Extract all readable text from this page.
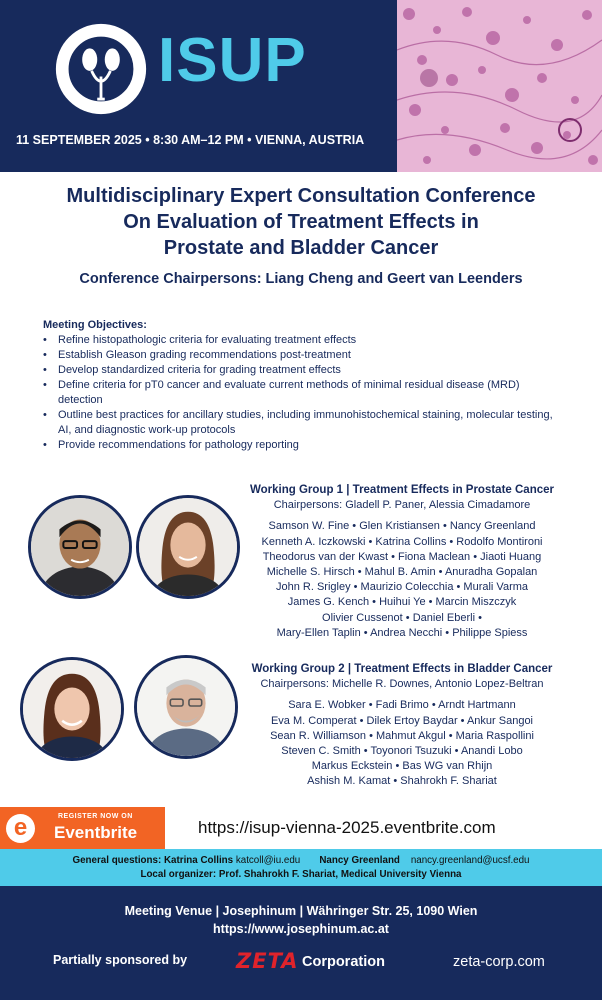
ISUP
11 SEPTEMBER 2025 • 8:30 AM–12 PM • VIENNA, AUSTRIA
Multidisciplinary Expert Consultation Conference
On Evaluation of Treatment Effects in
Prostate and Bladder Cancer
Conference Chairpersons: Liang Cheng and Geert van Leenders
Meeting Objectives:
• Refine histopathologic criteria for evaluating treatment effects
• Establish Gleason grading recommendations post-treatment
• Develop standardized criteria for grading treatment effects
• Define criteria for pT0 cancer and evaluate current methods of minimal residual disease (MRD) detection
• Outline best practices for ancillary studies, including immunohistochemical staining, molecular testing, AI, and diagnostic work-up protocols
• Provide recommendations for pathology reporting
Working Group 1 | Treatment Effects in Prostate Cancer
Chairpersons: Gladell P. Paner, Alessia Cimadamore
Samson W. Fine • Glen Kristiansen • Nancy Greenland
Kenneth A. Iczkowski • Katrina Collins • Rodolfo Montironi
Theodorus van der Kwast • Fiona Maclean • Jiaoti Huang
Michelle S. Hirsch • Mahul B. Amin • Anuradha Gopalan
John R. Srigley • Maurizio Colecchia • Murali Varma
James G. Kench • Huihui Ye • Marcin Miszczyk
Olivier Cussenot • Daniel Eberli •
Mary-Ellen Taplin • Andrea Necchi • Philippe Spiess
Working Group 2 | Treatment Effects in Bladder Cancer
Chairpersons: Michelle R. Downes, Antonio Lopez-Beltran
Sara E. Wobker • Fadi Brimo • Arndt Hartmann
Eva M. Comperat • Dilek Ertoy Baydar • Ankur Sangoi
Sean R. Williamson • Mahmut Akgul • Maria Raspollini
Steven C. Smith • Toyonori Tsuzuki • Anandi Lobo
Markus Eckstein • Bas WG van Rhijn
Ashish M. Kamat • Shahrokh F. Shariat
e	REGISTER NOW ON
Eventbrite	https://isup-vienna-2025.eventbrite.com
General questions: Katrina Collins katcoll@iu.edu Nancy Greenland nancy.greenland@ucsf.edu
Local organizer: Prof. Shahrokh F. Shariat, Medical University Vienna
Meeting Venue | Josephinum | Währinger Str. 25, 1090 Wien
https://www.josephinum.ac.at
Partially sponsored by ZETA Corporation	zeta-corp.com
